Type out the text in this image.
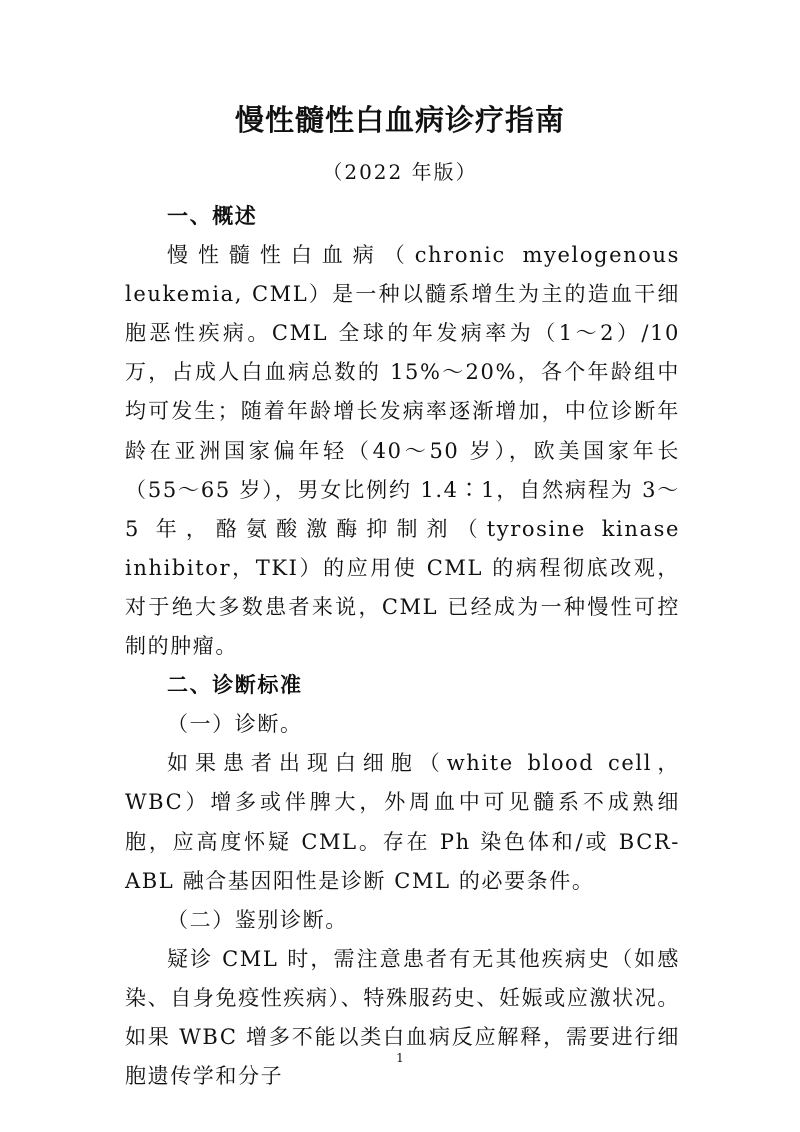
慢性髓性白血病诊疗指南
（2022 年版）

一、概述

慢性髓性白血病（chronic myelogenous leukemia, CML）是一种以髓系增生为主的造血干细胞恶性疾病。CML 全球的年发病率为（1～2）/10 万，占成人白血病总数的 15%～20%，各个年龄组中均可发生；随着年龄增长发病率逐渐增加，中位诊断年龄在亚洲国家偏年轻（40～50 岁），欧美国家年长（55～65 岁），男女比例约 1.4∶1，自然病程为 3～5 年，酪氨酸激酶抑制剂（tyrosine kinase inhibitor，TKI）的应用使 CML 的病程彻底改观，对于绝大多数患者来说，CML 已经成为一种慢性可控制的肿瘤。

二、诊断标准

（一）诊断。

如果患者出现白细胞（white blood cell，WBC）增多或伴脾大，外周血中可见髓系不成熟细胞，应高度怀疑 CML。存在 Ph 染色体和/或 BCR-ABL 融合基因阳性是诊断 CML 的必要条件。

（二）鉴别诊断。

疑诊 CML 时，需注意患者有无其他疾病史（如感染、自身免疫性疾病）、特殊服药史、妊娠或应激状况。如果 WBC 增多不能以类白血病反应解释，需要进行细胞遗传学和分子

1
